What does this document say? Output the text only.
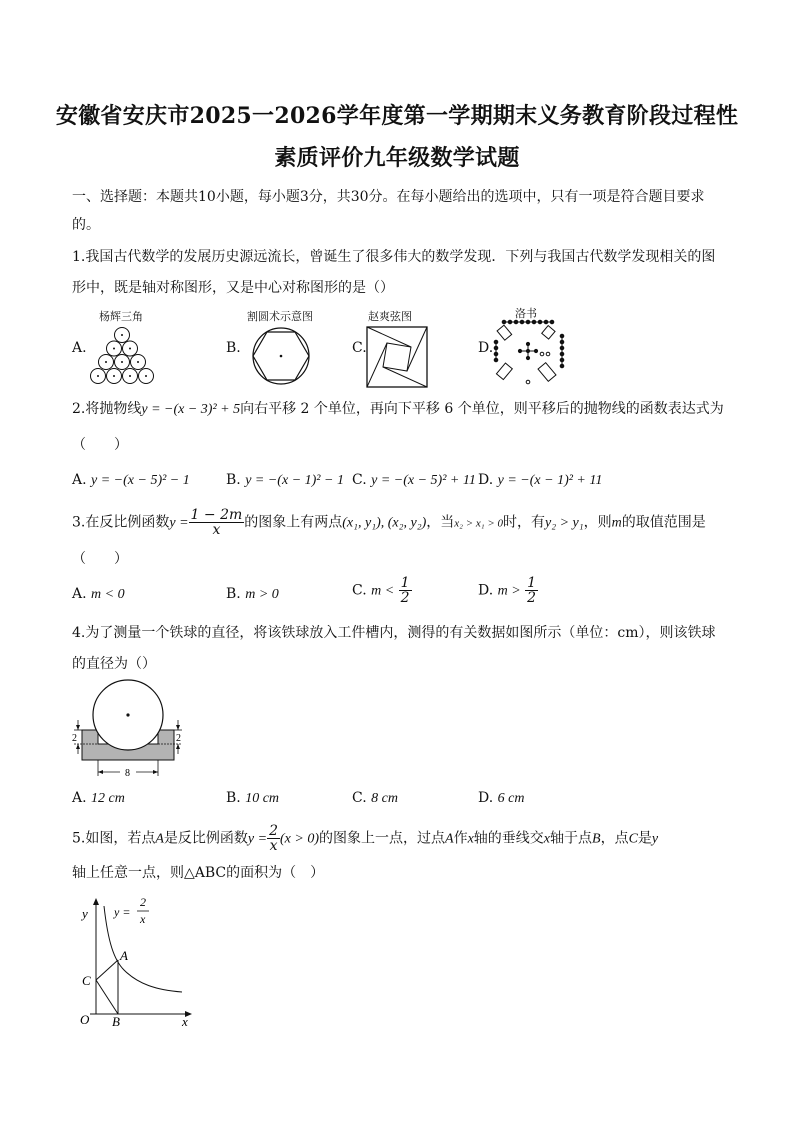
安徽省安庆市2025一2026学年度第一学期期末义务教育阶段过程性
素质评价九年级数学试题
一、选择题：本题共10小题，每小题3分，共30分。在每小题给出的选项中，只有一项是符合题目要求
的。
1.我国古代数学的发展历史源远流长，曾诞生了很多伟大的数学发现．下列与我国古代数学发现相关的图
形中，既是轴对称图形，又是中心对称图形的是（）
A.
杨辉三角
B.
割圆术示意图
C.
赵爽弦图
D.
洛书
2.将抛物线y = −(x − 3)² + 5向右平移 2 个单位，再向下平移 6 个单位，则平移后的抛物线的函数表达式为
（　　）
A. y = −(x − 5)² − 1	B. y = −(x − 1)² − 1 C. y = −(x − 5)² + 11 D. y = −(x − 1)² + 11
3.在反比例函数$y = \frac{1 - 2m}{x}$ 的图象上有两点(x₁, y₁), (x₂, y₂)，当x₂ > x₁ > 0时，有y₂ > y₁，则m的取值范围是
（　　）
A. m < 0	B. m > 0	C. $m < \frac{1}{2}$	D. $m > \frac{1}{2}$
4.为了测量一个铁球的直径，将该铁球放入工件槽内，测得的有关数据如图所示（单位：cm），则该铁球
的直径为（）
2	2
8
A. 12 cm	B. 10 cm	C. 8 cm	D. 6 cm
5.如图，若点A是反比例函数$y = \frac{2}{x} (x > 0)$的图象上一点，过点A作x轴的垂线交x轴于点B，点C是y
轴上任意一点，则△ABC的面积为（　）
y
x
O
A
B
C
y =
2
x
